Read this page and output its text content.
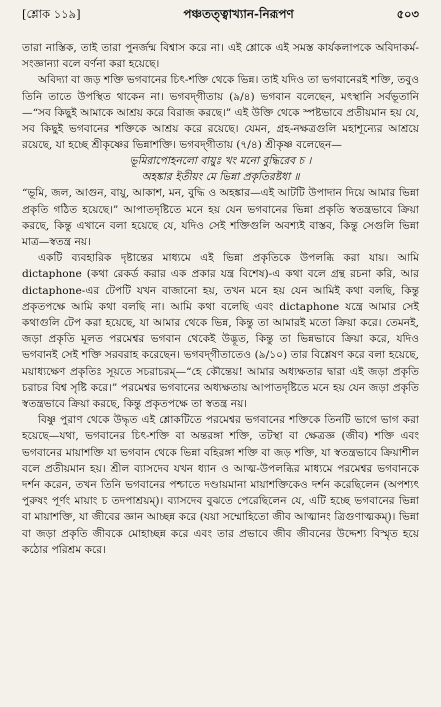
[শ্লোক ১১৯]	পঞ্চতত্ত্বাখ্যান-নিরূপণ	৫০৩

তারা নাস্তিক, তাই তারা পুনর্জন্ম বিশ্বাস করে না। এই শ্লোকে এই সমস্ত কার্যকলাপকে অবিদাকর্ম-সংজ্ঞান্যা বলে বর্ণনা করা হয়েছে।

অবিদ্যা বা জড় শক্তি ভগবানের চিৎ-শক্তি থেকে ভিন্ন। তাই যদিও তা ভগবানেরই শক্তি, তবুও তিনি তাতে উপস্থিত থাকেন না। ভগবদ্‌গীতায় (৯/৪) ভগবান বলেছেন, মৎস্থানি সর্বভূতানি—“সব কিছুই আমাকে আশ্রয় করে বিরাজ করছে।” এই উক্তি থেকে স্পষ্টভাবে প্রতীয়মান হয় যে, সব কিছুই ভগবানের শক্তিকে আশ্রয় করে রয়েছে। যেমন, গ্রহ-নক্ষত্রগুলি মহাশূন্যের আশ্রয়ে রয়েছে, যা হচ্ছে শ্রীকৃষ্ণের ভিন্নাশক্তি। ভগবদ্‌গীতায় (৭/৪) শ্রীকৃষ্ণ বলেছেন—

ভূমিরাপোহনলো বায়ুঃ খং মনো বুদ্ধিরেব চ ।

অহঙ্কার ইতীয়ং মে ভিন্না প্রকৃতিরষ্টধা ॥

“ভূমি, জল, আগুন, বায়ু, আকাশ, মন, বুদ্ধি ও অহঙ্কার—এই আটটি উপাদান দিয়ে আমার ভিন্না প্রকৃতি গঠিত হয়েছে।” আপাতদৃষ্টিতে মনে হয় যেন ভগবানের ভিন্না প্রকৃতি স্বতন্ত্রভাবে ক্রিয়া করছে, কিন্তু এখানে বলা হয়েছে যে, যদিও সেই শক্তিগুলি অবশ্যই বাস্তব, কিন্তু সেগুলি ভিন্না মাত্র—স্বতন্ত্র নয়।

একটি ব্যবহারিক দৃষ্টান্তের মাধ্যমে এই ভিন্না প্রকৃতিকে উপলব্ধি করা যায়। আমি dictaphone (কথা রেকর্ড করার এক প্রকার যন্ত্র বিশেষ)-এ কথা বলে গ্রন্থ রচনা করি, আর dictaphone-এর টেপটি যখন বাজানো হয়, তখন মনে হয় যেন আমিই কথা বলছি, কিন্তু প্রকৃতপক্ষে আমি কথা বলছি না। আমি কথা বলেছি এবং dictaphone যন্ত্রে আমার সেই কথাগুলি টেপ করা হয়েছে, যা আমার থেকে ভিন্ন, কিন্তু তা আমারই মতো ক্রিয়া করে। তেমনই, জড়া প্রকৃতি মূলত পরমেশ্বর ভগবান থেকেই উদ্ভূত, কিন্তু তা ভিন্নভাবে ক্রিয়া করে, যদিও ভগবানই সেই শক্তি সরবরাহ করেছেন। ভগবদ্‌গীতাতেও (৯/১০) তার বিশ্লেষণ করে বলা হয়েছে, ময়াধ্যক্ষেণ প্রকৃতিঃ সূয়তে সচরাচরম্—“হে কৌন্তেয়! আমার অধ্যক্ষতার দ্বারা এই জড়া প্রকৃতি চরাচর বিশ্ব সৃষ্টি করে।” পরমেশ্বর ভগবানের অধ্যক্ষতায় আপাতদৃষ্টিতে মনে হয় যেন জড়া প্রকৃতি স্বতন্ত্রভাবে ক্রিয়া করছে, কিন্তু প্রকৃতপক্ষে তা স্বতন্ত্র নয়।

বিষ্ণু পুরাণ থেকে উদ্ধৃত এই শ্লোকটিতে পরমেশ্বর ভগবানের শক্তিকে তিনটি ভাগে ভাগ করা হয়েছে—যথা, ভগবানের চিৎ-শক্তি বা অন্তরঙ্গা শক্তি, তটস্থা বা ক্ষেত্রজ্ঞ (জীব) শক্তি এবং ভগবানের মায়াশক্তি যা ভগবান থেকে ভিন্না বহিরঙ্গা শক্তি বা জড় শক্তি, যা স্বতন্ত্রভাবে ক্রিয়াশীল বলে প্রতীয়মান হয়। শ্রীল ব্যাসদেব যখন ধ্যান ও আত্ম-উপলব্ধির মাধ্যমে পরমেশ্বর ভগবানকে দর্শন করেন, তখন তিনি ভগবানের পশ্চাতে দণ্ডায়মানা মায়াশক্তিকেও দর্শন করেছিলেন (অপশ্যৎ পুরুষং পূর্ণং মায়াং চ তদপাশ্রয়ম্)। ব্যাসদেব বুঝতে পেরেছিলেন যে, এটি হচ্ছে ভগবানের ভিন্না বা মায়াশক্তি, যা জীবের জ্ঞান আচ্ছন্ন করে (যয়া সম্মোহিতো জীব আত্মানং ত্রিগুণাত্মকম্)। ভিন্না বা জড়া প্রকৃতি জীবকে মোহাচ্ছন্ন করে এবং তার প্রভাবে জীব জীবনের উদ্দেশ্য বিস্মৃত হয়ে কঠোর পরিশ্রম করে।
